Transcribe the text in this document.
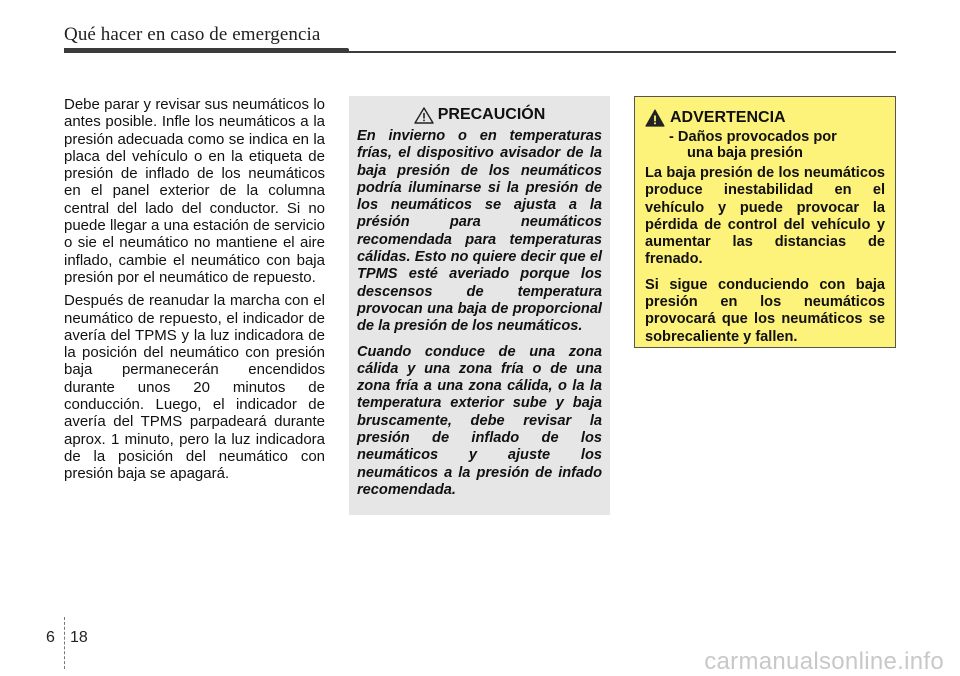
Qué hacer en caso de emergencia

Debe parar y revisar sus neumáticos lo antes posible. Infle los neumáticos a la presión adecuada como se indica en la placa del vehículo o en la etiqueta de presión de inflado de los neumáticos en el panel exterior de la columna central del lado del conductor. Si no puede llegar a una estación de servicio o sie el neumático no mantiene el aire inflado, cambie el neumático con baja presión por el neumático de repuesto.

Después de reanudar la marcha con el neumático de repuesto, el indicador de avería del TPMS y la luz indicadora de la posición del neumático con presión baja permanecerán encendidos durante unos 20 minutos de conducción. Luego, el indicador de avería del TPMS parpadeará durante aprox. 1 minuto, pero la luz indicadora de la posición del neumático con presión baja se apagará.

PRECAUCIÓN

En invierno o en temperaturas frías, el dispositivo avisador de la baja presión de los neumáticos podría iluminarse si la presión de los neumáticos se ajusta a la présión para neumáticos recomendada para temperaturas cálidas. Esto no quiere decir que el TPMS esté averiado porque los descensos de temperatura provocan una baja de proporcional de la presión de los neumáticos.

Cuando conduce de una zona cálida y una zona fría o de una zona fría a una zona cálida, o la la temperatura exterior sube y baja bruscamente, debe revisar la presión de inflado de los neumáticos y ajuste los neumáticos a la presión de infado recomendada.

ADVERTENCIA
- Daños provocados por
una baja presión

La baja presión de los neumáticos produce inestabilidad en el vehículo y puede provocar la pérdida de control del vehículo y aumentar las distancias de frenado.

Si sigue conduciendo con baja presión en los neumáticos provocará que los neumáticos se sobrecaliente y fallen.

6 18
carmanualsonline.info
